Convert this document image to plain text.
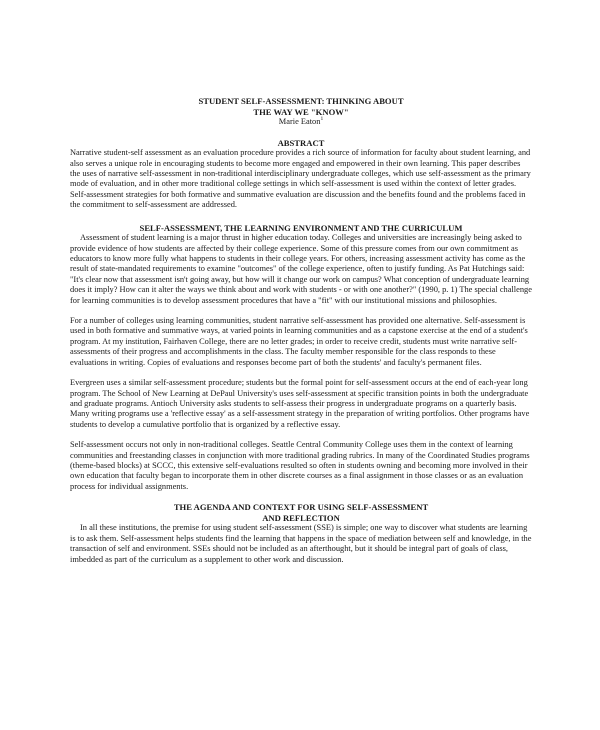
STUDENT SELF-ASSESSMENT: THINKING ABOUT
THE WAY WE "KNOW"
Marie Eaton$^1$
ABSTRACT

Narrative student-self assessment as an evaluation procedure provides a rich source of information for faculty about student learning, and also serves a unique role in encouraging students to become more engaged and empowered in their own learning. This paper describes the uses of narrative self-assessment in non-traditional interdisciplinary undergraduate colleges, which use self-assessment as the primary mode of evaluation, and in other more traditional college settings in which self-assessment is used within the context of letter grades. Self-assessment strategies for both formative and summative evaluation are discussion and the benefits found and the problems faced in the commitment to self-assessment are addressed.

SELF-ASSESSMENT, THE LEARNING ENVIRONMENT AND THE CURRICULUM

Assessment of student learning is a major thrust in higher education today. Colleges and universities are increasingly being asked to provide evidence of how students are affected by their college experience. Some of this pressure comes from our own commitment as educators to know more fully what happens to students in their college years. For others, increasing assessment activity has come as the result of state-mandated requirements to examine "outcomes" of the college experience, often to justify funding. As Pat Hutchings said: "It's clear now that assessment isn't going away, but how will it change our work on campus? What conception of undergraduate learning does it imply? How can it alter the ways we think about and work with students - or with one another?" (1990, p. 1) The special challenge for learning communities is to develop assessment procedures that have a "fit" with our institutional missions and philosophies.

For a number of colleges using learning communities, student narrative self-assessment has provided one alternative. Self-assessment is used in both formative and summative ways, at varied points in learning communities and as a capstone exercise at the end of a student's program. At my institution, Fairhaven College, there are no letter grades; in order to receive credit, students must write narrative self-assessments of their progress and accomplishments in the class. The faculty member responsible for the class responds to these evaluations in writing. Copies of evaluations and responses become part of both the students' and faculty's permanent files.

Evergreen uses a similar self-assessment procedure; students but the formal point for self-assessment occurs at the end of each-year long program. The School of New Learning at DePaul University's uses self-assessment at specific transition points in both the undergraduate and graduate programs. Antioch University asks students to self-assess their progress in undergraduate programs on a quarterly basis. Many writing programs use a 'reflective essay' as a self-assessment strategy in the preparation of writing portfolios. Other programs have students to develop a cumulative portfolio that is organized by a reflective essay.

Self-assessment occurs not only in non-traditional colleges. Seattle Central Community College uses them in the context of learning communities and freestanding classes in conjunction with more traditional grading rubrics. In many of the Coordinated Studies programs (theme-based blocks) at SCCC, this extensive self-evaluations resulted so often in students owning and becoming more involved in their own education that faculty began to incorporate them in other discrete courses as a final assignment in those classes or as an evaluation process for individual assignments.

THE AGENDA AND CONTEXT FOR USING SELF-ASSESSMENT
AND REFLECTION

In all these institutions, the premise for using student self-assessment (SSE) is simple; one way to discover what students are learning is to ask them. Self-assessment helps students find the learning that happens in the space of mediation between self and knowledge, in the transaction of self and environment. SSEs should not be included as an afterthought, but it should be integral part of goals of class, imbedded as part of the curriculum as a supplement to other work and discussion.
